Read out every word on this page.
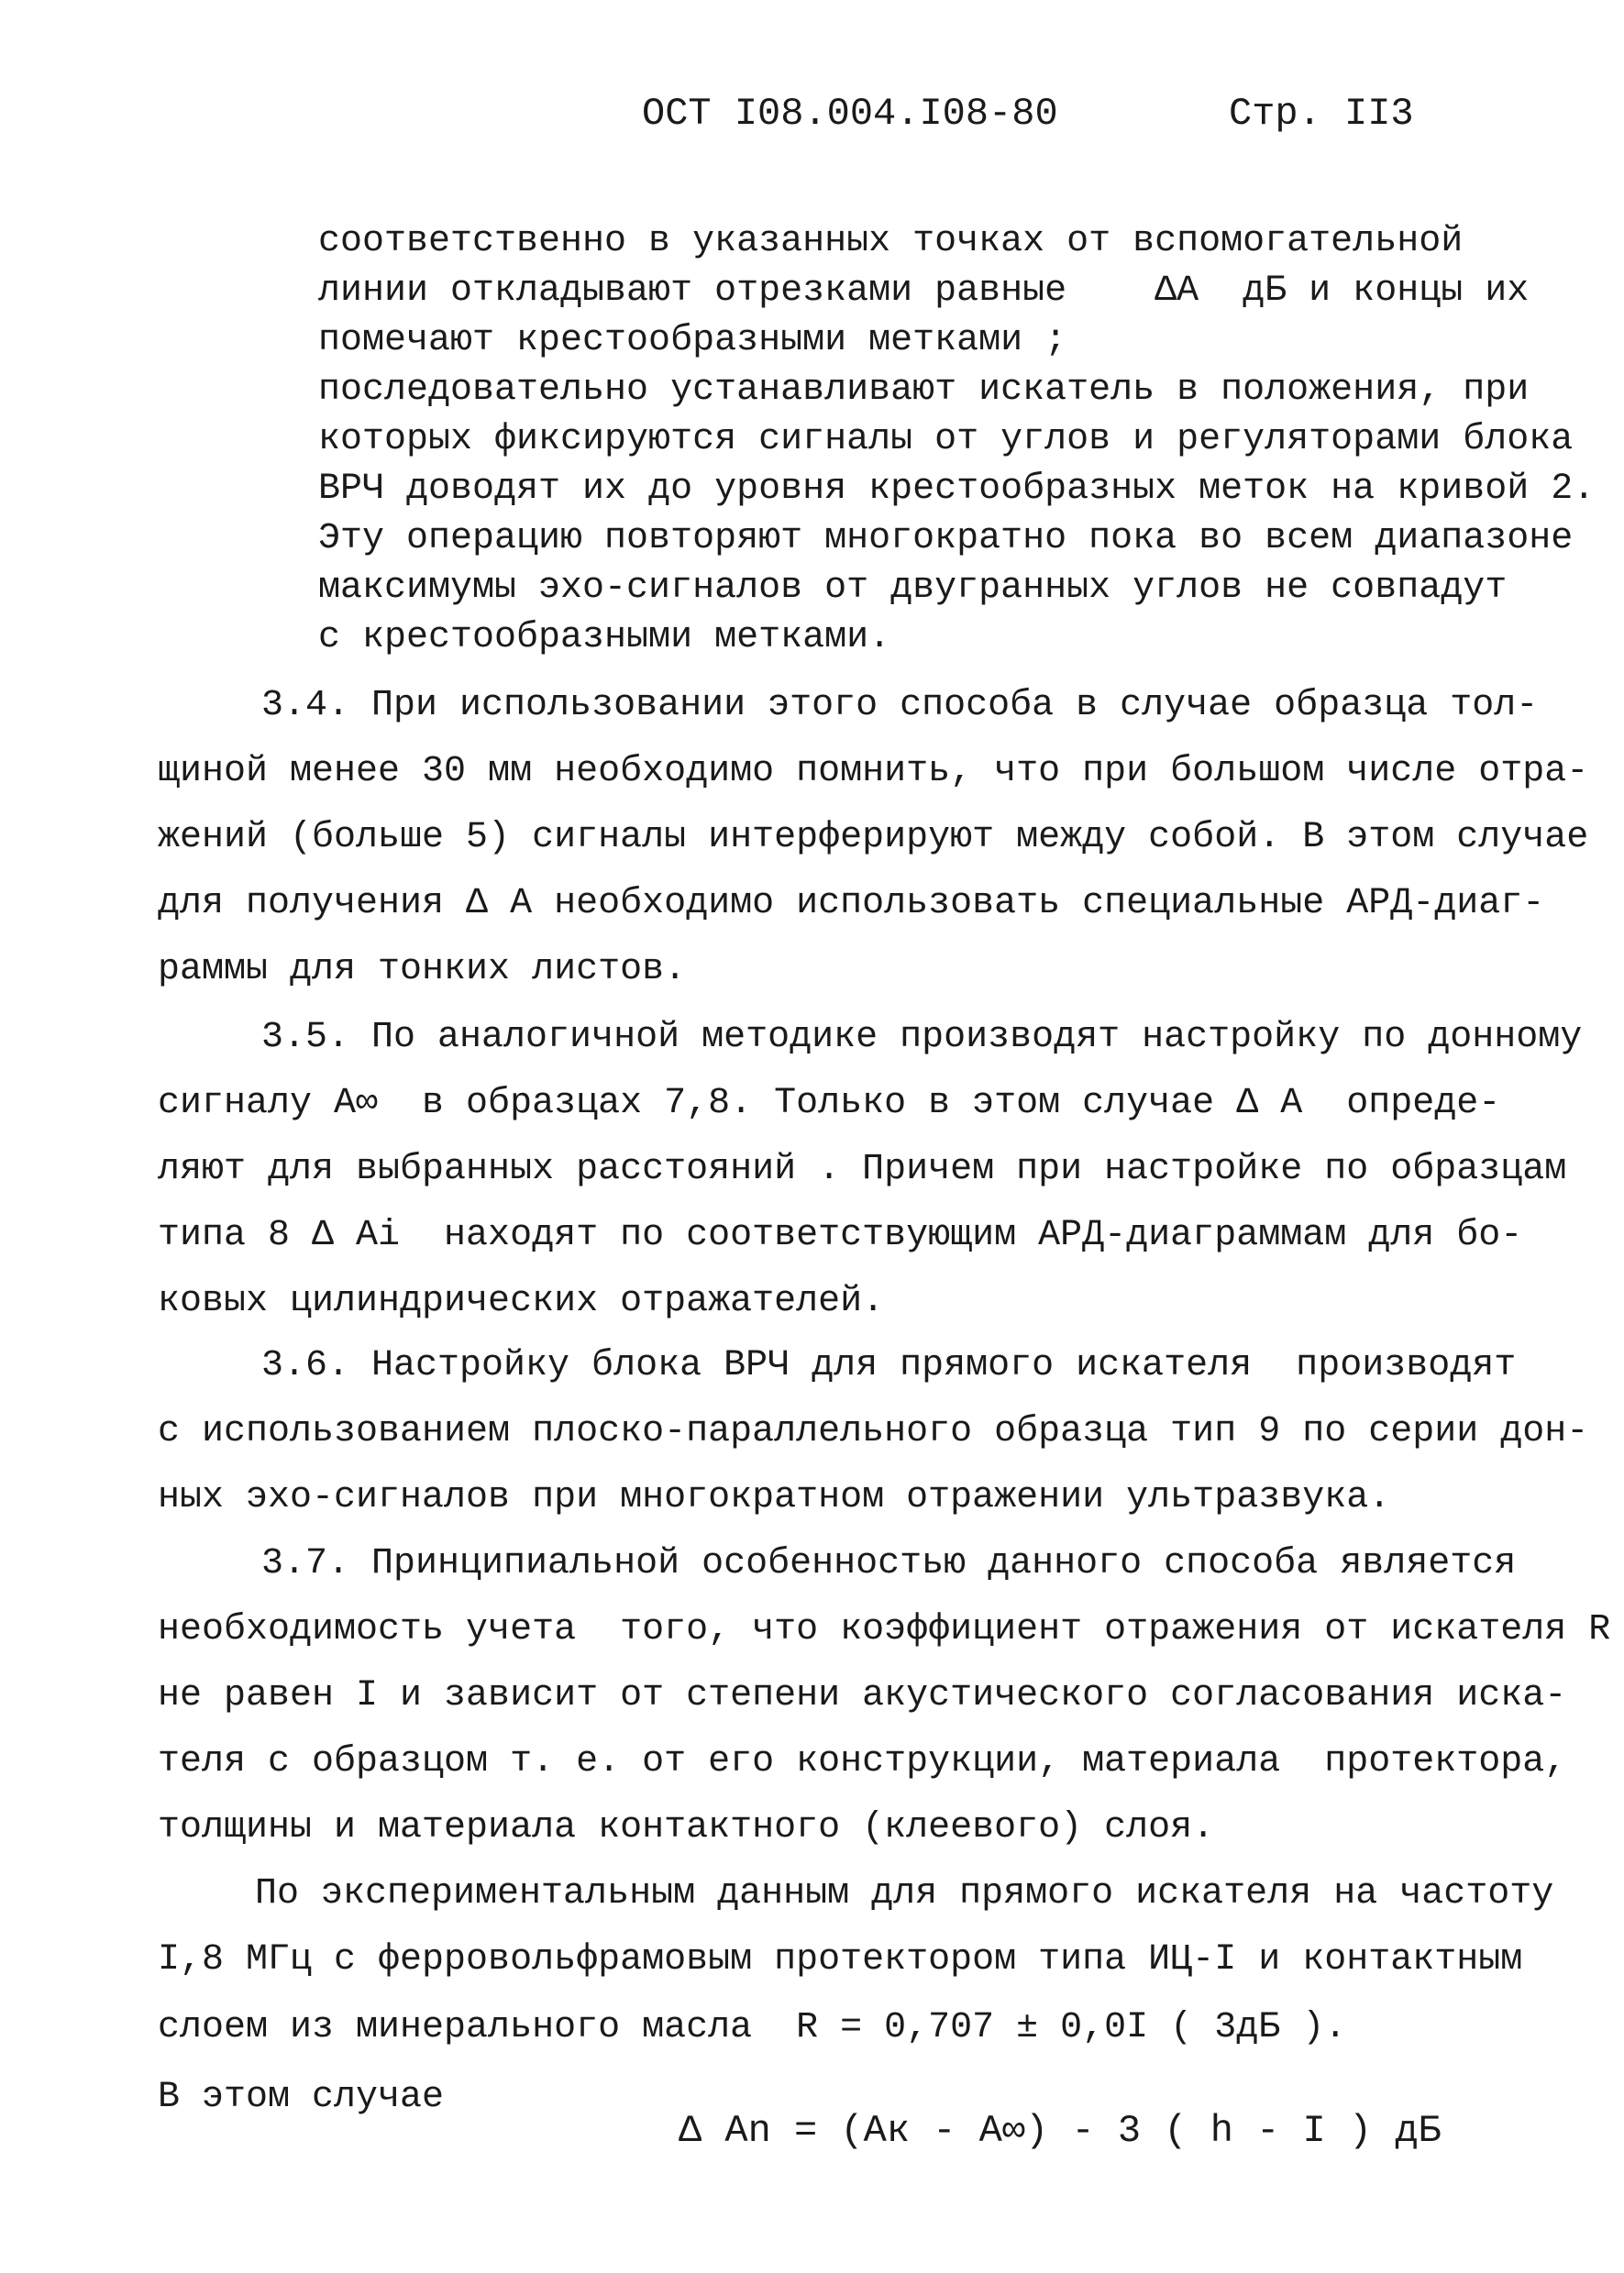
ОСТ I08.004.I08-80	Стр. II3
соответственно в указанных точках от вспомогательной
линии откладывают отрезками равные    ΔА  дБ и концы их
помечают крестообразными метками ;
последовательно устанавливают искатель в положения, при
которых фиксируются сигналы от углов и регуляторами блока
ВРЧ доводят их до уровня крестообразных меток на кривой 2.
Эту операцию повторяют многократно пока во всем диапазоне
максимумы эхо-сигналов от двугранных углов не совпадут
с крестообразными метками.
3.4. При использовании этого способа в случае образца тол-
щиной менее 30 мм необходимо помнить, что при большом числе отра-
жений (больше 5) сигналы интерферируют между собой. В этом случае
для получения Δ А необходимо использовать специальные АРД-диаг-
раммы для тонких листов.
3.5. По аналогичной методике производят настройку по донному
сигналу А∞  в образцах 7,8. Только в этом случае Δ А  опреде-
ляют для выбранных расстояний . Причем при настройке по образцам
типа 8 Δ Аi  находят по соответствующим АРД-диаграммам для бо-
ковых цилиндрических отражателей.
3.6. Настройку блока ВРЧ для прямого искателя  производят
с использованием плоско-параллельного образца тип 9 по серии дон-
ных эхо-сигналов при многократном отражении ультразвука.
3.7. Принципиальной особенностью данного способа является
необходимость учета  того, что коэффициент отражения от искателя R
не равен I и зависит от степени акустического согласования иска-
теля с образцом т. е. от его конструкции, материала  протектора,
толщины и материала контактного (клеевого) слоя.
По экспериментальным данным для прямого искателя на частоту
I,8 МГц с ферровольфрамовым протектором типа ИЦ-I и контактным
слоем из минерального масла  R = 0,707 ± 0,0I ( 3дБ ).
В этом случае
Δ Аn = (Ак - А∞) - 3 ( h - I ) дБ
